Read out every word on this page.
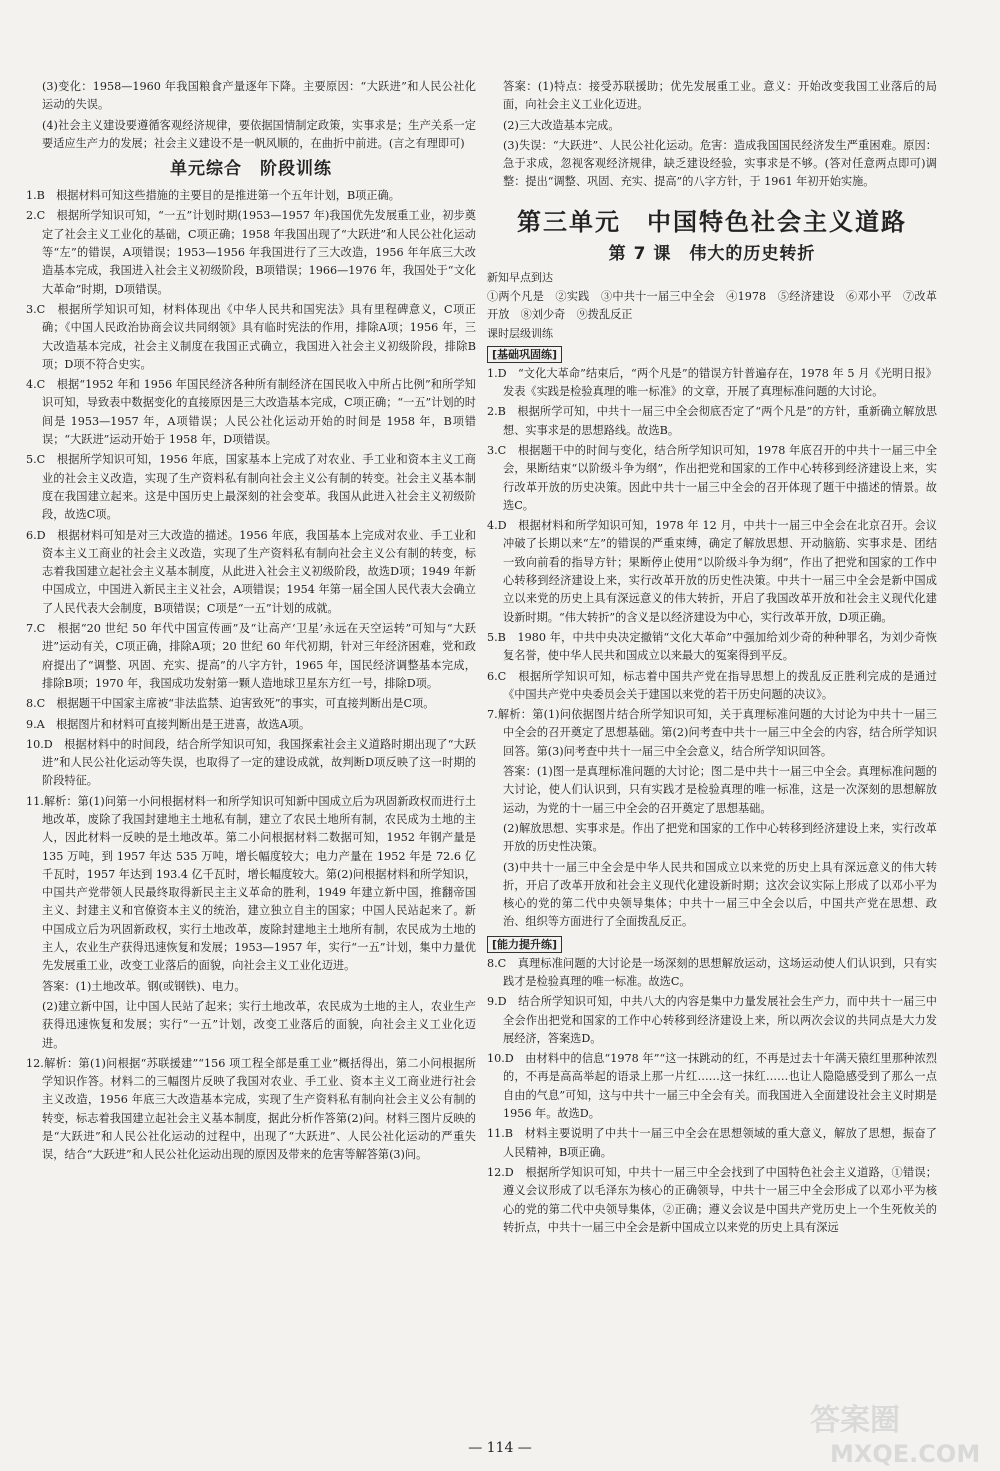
(3)变化：1958—1960 年我国粮食产量逐年下降。主要原因：“大跃进”和人民公社化运动的失误。

(4)社会主义建设要遵循客观经济规律，要依据国情制定政策，实事求是；生产关系一定要适应生产力的发展；社会主义建设不是一帆风顺的，在曲折中前进。(言之有理即可)

单元综合　阶段训练

1.B　根据材料可知这些措施的主要目的是推进第一个五年计划，B项正确。

2.C　根据所学知识可知，“一五”计划时期(1953—1957 年)我国优先发展重工业，初步奠定了社会主义工业化的基础，C项正确；1958 年我国出现了“大跃进”和人民公社化运动等“左”的错误，A项错误；1953—1956 年我国进行了三大改造，1956 年年底三大改造基本完成，我国进入社会主义初级阶段，B项错误；1966—1976 年，我国处于“文化大革命”时期，D项错误。

3.C　根据所学知识可知，材料体现出《中华人民共和国宪法》具有里程碑意义，C项正确；《中国人民政治协商会议共同纲领》具有临时宪法的作用，排除A项；1956 年，三大改造基本完成，社会主义制度在我国正式确立，我国进入社会主义初级阶段，排除B项；D项不符合史实。

4.C　根据“1952 年和 1956 年国民经济各种所有制经济在国民收入中所占比例”和所学知识可知，导致表中数据变化的直接原因是三大改造基本完成，C项正确；“一五”计划的时间是 1953—1957 年，A项错误；人民公社化运动开始的时间是 1958 年，B项错误；“大跃进”运动开始于 1958 年，D项错误。

5.C　根据所学知识可知，1956 年底，国家基本上完成了对农业、手工业和资本主义工商业的社会主义改造，实现了生产资料私有制向社会主义公有制的转变。社会主义基本制度在我国建立起来。这是中国历史上最深刻的社会变革。我国从此进入社会主义初级阶段，故选C项。

6.D　根据材料可知是对三大改造的描述。1956 年底，我国基本上完成对农业、手工业和资本主义工商业的社会主义改造，实现了生产资料私有制向社会主义公有制的转变，标志着我国建立起社会主义基本制度，从此进入社会主义初级阶段，故选D项；1949 年新中国成立，中国进入新民主主义社会，A项错误；1954 年第一届全国人民代表大会确立了人民代表大会制度，B项错误；C项是“一五”计划的成就。

7.C　根据“20 世纪 50 年代中国宣传画”及“让高产‘卫星’永远在天空运转”可知与“大跃进”运动有关，C项正确，排除A项；20 世纪 60 年代初期，针对三年经济困难，党和政府提出了“调整、巩固、充实、提高”的八字方针，1965 年，国民经济调整基本完成，排除B项；1970 年，我国成功发射第一颗人造地球卫星东方红一号，排除D项。

8.C　根据题干中国家主席被“非法监禁、迫害致死”的事实，可直接判断出是C项。

9.A　根据图片和材料可直接判断出是王进喜，故选A项。

10.D　根据材料中的时间段，结合所学知识可知，我国探索社会主义道路时期出现了“大跃进”和人民公社化运动等失误，也取得了一定的建设成就，故判断D项反映了这一时期的阶段特征。

11.解析：第(1)问第一小问根据材料一和所学知识可知新中国成立后为巩固新政权而进行土地改革，废除了我国封建地主土地私有制，建立了农民土地所有制，农民成为土地的主人，因此材料一反映的是土地改革。第二小问根据材料二数据可知，1952 年钢产量是 135 万吨，到 1957 年达 535 万吨，增长幅度较大；电力产量在 1952 年是 72.6 亿千瓦时，1957 年达到 193.4 亿千瓦时，增长幅度较大。第(2)问根据材料和所学知识，中国共产党带领人民最终取得新民主主义革命的胜利，1949 年建立新中国，推翻帝国主义、封建主义和官僚资本主义的统治，建立独立自主的国家；中国人民站起来了。新中国成立后为巩固新政权，实行土地改革，废除封建地主土地所有制，农民成为土地的主人，农业生产获得迅速恢复和发展；1953—1957 年，实行“一五”计划，集中力量优先发展重工业，改变工业落后的面貌，向社会主义工业化迈进。

答案：(1)土地改革。钢(或钢铁)、电力。

(2)建立新中国，让中国人民站了起来；实行土地改革，农民成为土地的主人，农业生产获得迅速恢复和发展；实行“一五”计划，改变工业落后的面貌，向社会主义工业化迈进。

12.解析：第(1)问根据“苏联援建”“156 项工程全部是重工业”概括得出，第二小问根据所学知识作答。材料二的三幅图片反映了我国对农业、手工业、资本主义工商业进行社会主义改造，1956 年底三大改造基本完成，实现了生产资料私有制向社会主义公有制的转变，标志着我国建立起社会主义基本制度，据此分析作答第(2)问。材料三图片反映的是“大跃进”和人民公社化运动的过程中，出现了“大跃进”、人民公社化运动的严重失误，结合“大跃进”和人民公社化运动出现的原因及带来的危害等解答第(3)问。

答案：(1)特点：接受苏联援助；优先发展重工业。意义：开始改变我国工业落后的局面，向社会主义工业化迈进。

(2)三大改造基本完成。

(3)失误：“大跃进”、人民公社化运动。危害：造成我国国民经济发生严重困难。原因：急于求成，忽视客观经济规律，缺乏建设经验，实事求是不够。(答对任意两点即可)调整：提出“调整、巩固、充实、提高”的八字方针，于 1961 年初开始实施。

第三单元　中国特色社会主义道路
第 7 课　伟大的历史转折
新知早点到达

①两个凡是　②实践　③中共十一届三中全会　④1978　⑤经济建设　⑥邓小平　⑦改革开放　⑧刘少奇　⑨拨乱反正

课时层级训练
[基础巩固练]

1.D　“文化大革命”结束后，“两个凡是”的错误方针普遍存在，1978 年 5 月《光明日报》发表《实践是检验真理的唯一标准》的文章，开展了真理标准问题的大讨论。

2.B　根据所学可知，中共十一届三中全会彻底否定了“两个凡是”的方针，重新确立解放思想、实事求是的思想路线。故选B。

3.C　根据题干中的时间与变化，结合所学知识可知，1978 年底召开的中共十一届三中全会，果断结束“以阶级斗争为纲”，作出把党和国家的工作中心转移到经济建设上来，实行改革开放的历史决策。因此中共十一届三中全会的召开体现了题干中描述的情景。故选C。

4.D　根据材料和所学知识可知，1978 年 12 月，中共十一届三中全会在北京召开。会议冲破了长期以来“左”的错误的严重束缚，确定了解放思想、开动脑筋、实事求是、团结一致向前看的指导方针；果断停止使用“以阶级斗争为纲”，作出了把党和国家的工作中心转移到经济建设上来，实行改革开放的历史性决策。中共十一届三中全会是新中国成立以来党的历史上具有深远意义的伟大转折，开启了我国改革开放和社会主义现代化建设新时期。“伟大转折”的含义是以经济建设为中心，实行改革开放，D项正确。

5.B　1980 年，中共中央决定撤销“文化大革命”中强加给刘少奇的种种罪名，为刘少奇恢复名誉，使中华人民共和国成立以来最大的冤案得到平反。

6.C　根据所学知识可知，标志着中国共产党在指导思想上的拨乱反正胜利完成的是通过《中国共产党中央委员会关于建国以来党的若干历史问题的决议》。

7.解析：第(1)问依据图片结合所学知识可知，关于真理标准问题的大讨论为中共十一届三中全会的召开奠定了思想基础。第(2)问考查中共十一届三中全会的内容，结合所学知识回答。第(3)问考查中共十一届三中全会意义，结合所学知识回答。

答案：(1)图一是真理标准问题的大讨论；图二是中共十一届三中全会。真理标准问题的大讨论，使人们认识到，只有实践才是检验真理的唯一标准，这是一次深刻的思想解放运动，为党的十一届三中全会的召开奠定了思想基础。

(2)解放思想、实事求是。作出了把党和国家的工作中心转移到经济建设上来，实行改革开放的历史性决策。

(3)中共十一届三中全会是中华人民共和国成立以来党的历史上具有深远意义的伟大转折，开启了改革开放和社会主义现代化建设新时期；这次会议实际上形成了以邓小平为核心的党的第二代中央领导集体；中共十一届三中全会以后，中国共产党在思想、政治、组织等方面进行了全面拨乱反正。

[能力提升练]

8.C　真理标准问题的大讨论是一场深刻的思想解放运动，这场运动使人们认识到，只有实践才是检验真理的唯一标准。故选C。

9.D　结合所学知识可知，中共八大的内容是集中力量发展社会生产力，而中共十一届三中全会作出把党和国家的工作中心转移到经济建设上来，所以两次会议的共同点是大力发展经济，答案选D。

10.D　由材料中的信息“1978 年”“这一抹跳动的红，不再是过去十年满天猿红里那种浓烈的，不再是高高举起的语录上那一片红……这一抹红……也让人隐隐感受到了那么一点自由的气息”可知，这与中共十一届三中全会有关。而我国进入全面建设社会主义时期是 1956 年。故选D。

11.B　材料主要说明了中共十一届三中全会在思想领域的重大意义，解放了思想，振奋了人民精神，B项正确。

12.D　根据所学知识可知，中共十一届三中全会找到了中国特色社会主义道路，①错误；遵义会议形成了以毛泽东为核心的正确领导，中共十一届三中全会形成了以邓小平为核心的党的第二代中央领导集体，②正确；遵义会议是中国共产党历史上一个生死攸关的转折点，中共十一届三中全会是新中国成立以来党的历史上具有深远

— 114 —
答案圈
MXQE.COM
